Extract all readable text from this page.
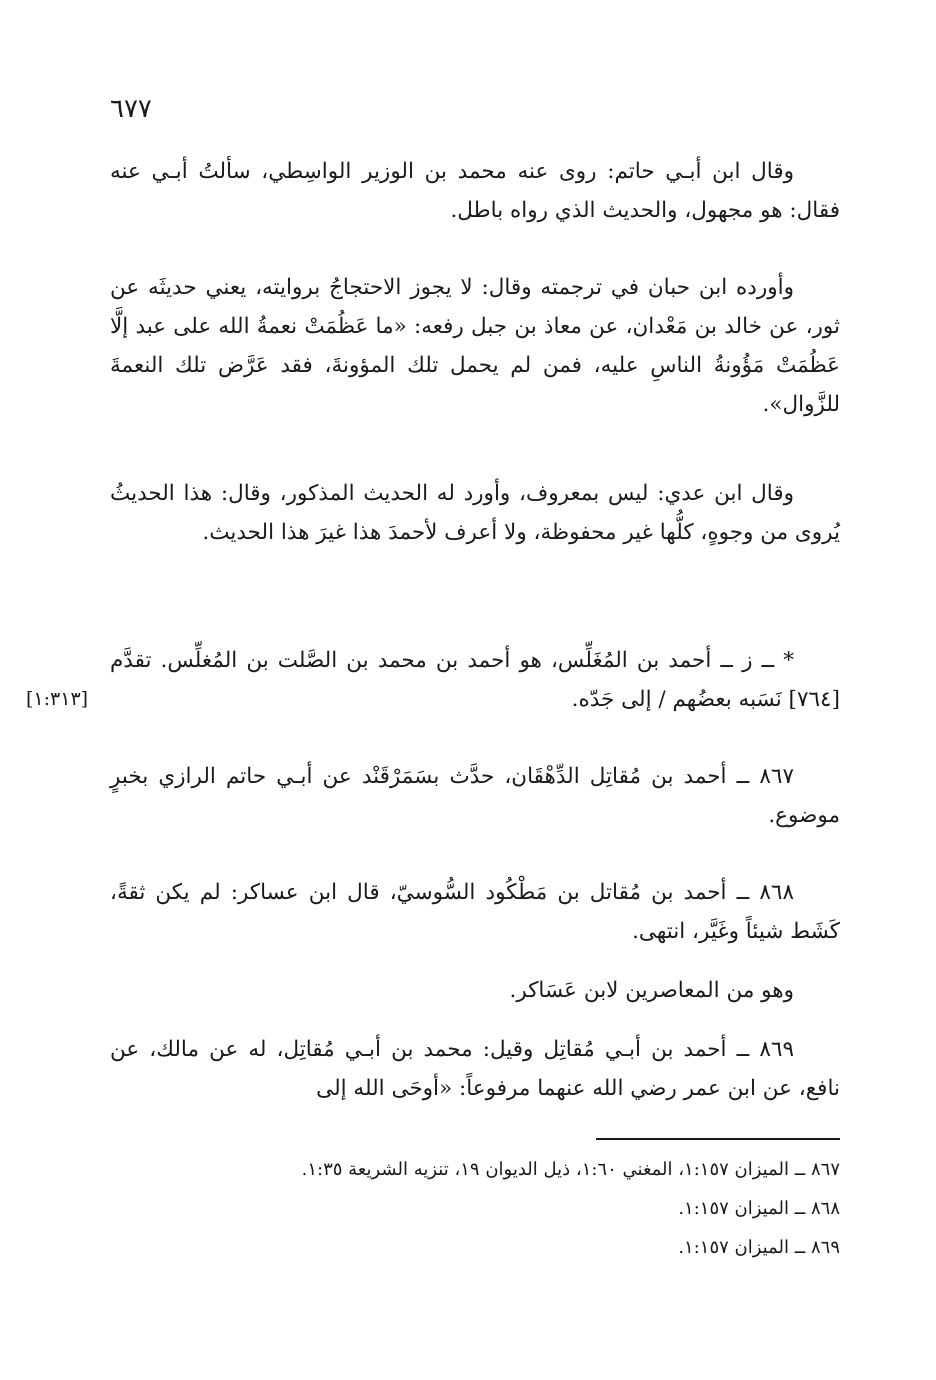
٦٧٧

وقال ابن أبـي حاتم: روى عنه محمد بن الوزير الواسِطي، سألتُ أبـي عنه فقال: هو مجهول، والحديث الذي رواه باطل.

وأورده ابن حبان في ترجمته وقال: لا يجوز الاحتجاجُ بروايته، يعني حديثَه عن ثور، عن خالد بن مَعْدان، عن معاذ بن جبل رفعه: «ما عَظُمَتْ نعمةُ الله على عبد إلَّا عَظُمَتْ مَؤُونةُ الناسِ عليه، فمن لم يحمل تلك المؤونةَ، فقد عَرَّض تلك النعمةَ للزَّوال».

وقال ابن عدي: ليس بمعروف، وأورد له الحديث المذكور، وقال: هذا الحديثُ يُروى من وجوهٍ، كلُّها غير محفوظة، ولا أعرف لأحمدَ هذا غيرَ هذا الحديث.

* ــ ز ــ أحمد بن المُغَلِّس، هو أحمد بن محمد بن الصَّلت بن المُغلِّس. تقدَّم [٧٦٤] نَسَبه بعضُهم / إلى جَدّه.

٨٦٧ ــ أحمد بن مُقاتِل الدِّهْقَان، حدَّث بسَمَرْقَنْد عن أبـي حاتم الرازي بخبرٍ موضوع.

٨٦٨ ــ أحمد بن مُقاتل بن مَطْكُود السُّوسيّ، قال ابن عساكر: لم يكن ثقةً، كَشَط شيئاً وغَيَّر، انتهى.

وهو من المعاصرين لابن عَسَاكر.

٨٦٩ ــ أحمد بن أبـي مُقاتِل وقيل: محمد بن أبـي مُقاتِل، له عن مالك، عن نافع، عن ابن عمر رضي الله عنهما مرفوعاً: «أوحَى الله إلى

٨٦٧ ــ الميزان ١:١٥٧، المغني ١:٦٠، ذيل الديوان ١٩، تنزيه الشريعة ١:٣٥.
٨٦٨ ــ الميزان ١:١٥٧.
٨٦٩ ــ الميزان ١:١٥٧.
[١:٣١٣]
